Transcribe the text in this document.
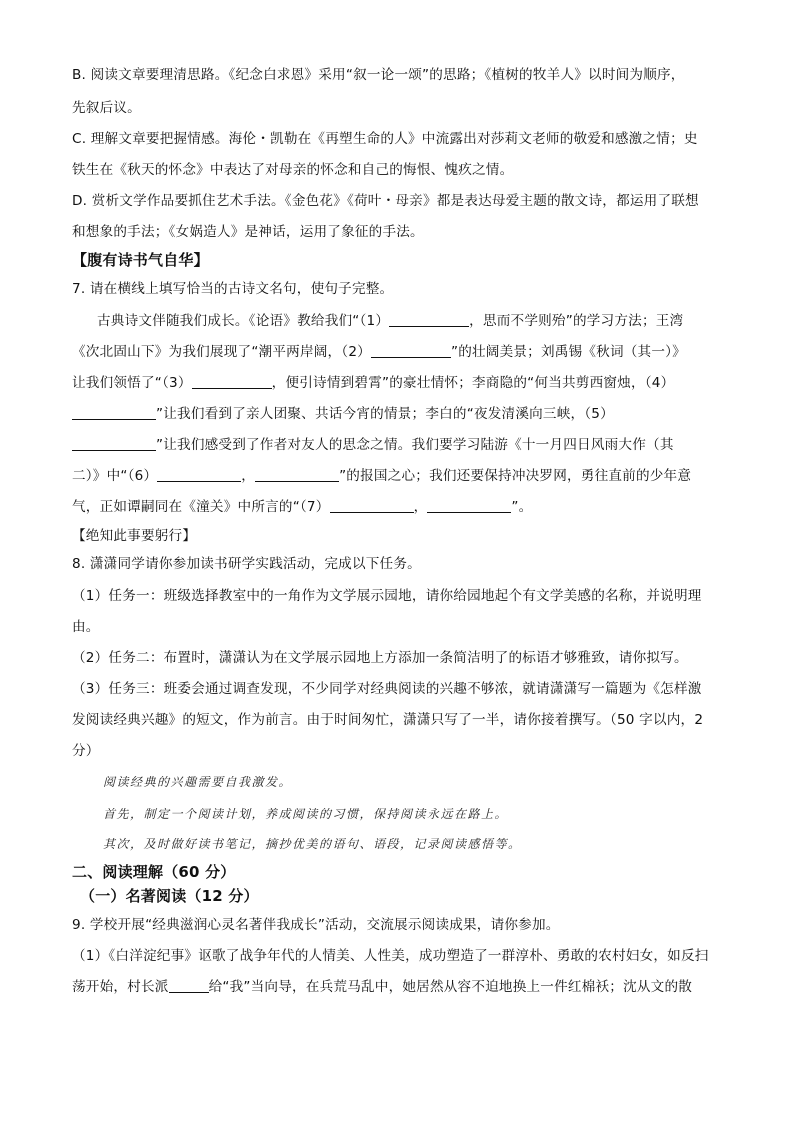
B. 阅读文章要理清思路。《纪念白求恩》采用“叙一论一颂”的思路；《植树的牧羊人》以时间为顺序，
先叙后议。
C. 理解文章要把握情感。海伦・凯勒在《再塑生命的人》中流露出对莎莉文老师的敬爱和感激之情；史
铁生在《秋天的怀念》中表达了对母亲的怀念和自己的悔恨、愧疚之情。
D. 赏析文学作品要抓住艺术手法。《金色花》《荷叶・母亲》都是表达母爱主题的散文诗，都运用了联想
和想象的手法；《女娲造人》是神话，运用了象征的手法。
【腹有诗书气自华】
7. 请在横线上填写恰当的古诗文名句，使句子完整。
古典诗文伴随我们成长。《论语》教给我们“（1）	，思而不学则殆”的学习方法；王湾
《次北固山下》为我们展现了“潮平两岸阔，（2）	”的壮阔美景；刘禹锡《秋词（其一）》
让我们领悟了“（3）	，便引诗情到碧霄”的豪壮情怀；李商隐的“何当共剪西窗烛，（4）
”让我们看到了亲人团聚、共话今宵的情景；李白的“夜发清溪向三峡，（5）
”让我们感受到了作者对友人的思念之情。我们要学习陆游《十一月四日风雨大作（其
二）》中“（6）	，	”的报国之心；我们还要保持冲决罗网，勇往直前的少年意
气，正如谭嗣同在《潼关》中所言的“（7）	，	”。
【绝知此事要躬行】
8. 潇潇同学请你参加读书研学实践活动，完成以下任务。
（1）任务一：班级选择教室中的一角作为文学展示园地，请你给园地起个有文学美感的名称，并说明理
由。
（2）任务二：布置时，潇潇认为在文学展示园地上方添加一条简洁明了的标语才够雅致，请你拟写。
（3）任务三：班委会通过调查发现，不少同学对经典阅读的兴趣不够浓，就请潇潇写一篇题为《怎样激
发阅读经典兴趣》的短文，作为前言。由于时间匆忙，潇潇只写了一半，请你接着撰写。（50 字以内，2
分）
阅读经典的兴趣需要自我激发。
首先，制定一个阅读计划，养成阅读的习惯，保持阅读永远在路上。
其次，及时做好读书笔记，摘抄优美的语句、语段，记录阅读感悟等。
二、阅读理解（60 分）
（一）名著阅读（12 分）
9. 学校开展“经典滋润心灵名著伴我成长”活动，交流展示阅读成果，请你参加。
（1）《白洋淀纪事》讴歌了战争年代的人情美、人性美，成功塑造了一群淳朴、勇敢的农村妇女，如反扫
荡开始，村长派	给“我”当向导，在兵荒马乱中，她居然从容不迫地换上一件红棉袄；沈从文的散
